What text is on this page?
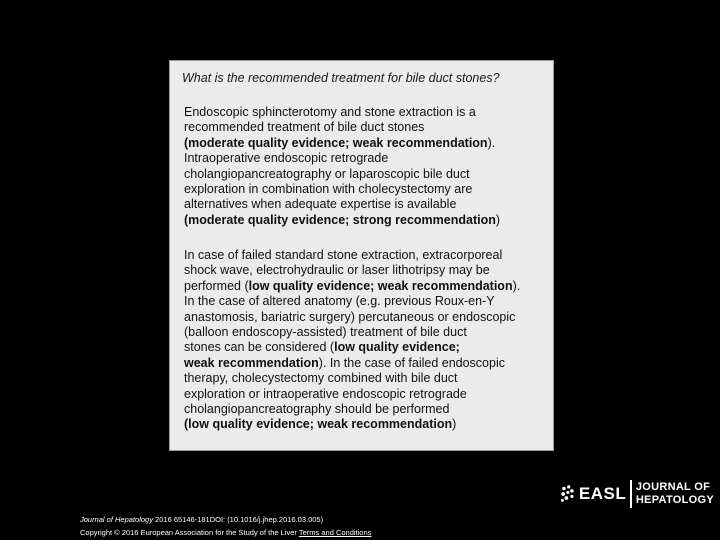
What is the recommended treatment for bile duct stones?
Endoscopic sphincterotomy and stone extraction is a
recommended treatment of bile duct stones
(moderate quality evidence; weak recommendation).
Intraoperative endoscopic retrograde
cholangiopancreatography or laparoscopic bile duct
exploration in combination with cholecystectomy are
alternatives when adequate expertise is available
(moderate quality evidence; strong recommendation)
In case of failed standard stone extraction, extracorporeal
shock wave, electrohydraulic or laser lithotripsy may be
performed (low quality evidence; weak recommendation).
In the case of altered anatomy (e.g. previous Roux-en-Y
anastomosis, bariatric surgery) percutaneous or endoscopic
(balloon endoscopy-assisted) treatment of bile duct
stones can be considered (low quality evidence;
weak recommendation). In the case of failed endoscopic
therapy, cholecystectomy combined with bile duct
exploration or intraoperative endoscopic retrograde
cholangiopancreatography should be performed
(low quality evidence; weak recommendation)
Journal of Hepatology 2016 65146-181DOI: (10.1016/j.jhep.2016.03.005)
Copyright © 2016 European Association for the Study of the Liver Terms and Conditions
EASL JOURNAL OF
HEPATOLOGY
